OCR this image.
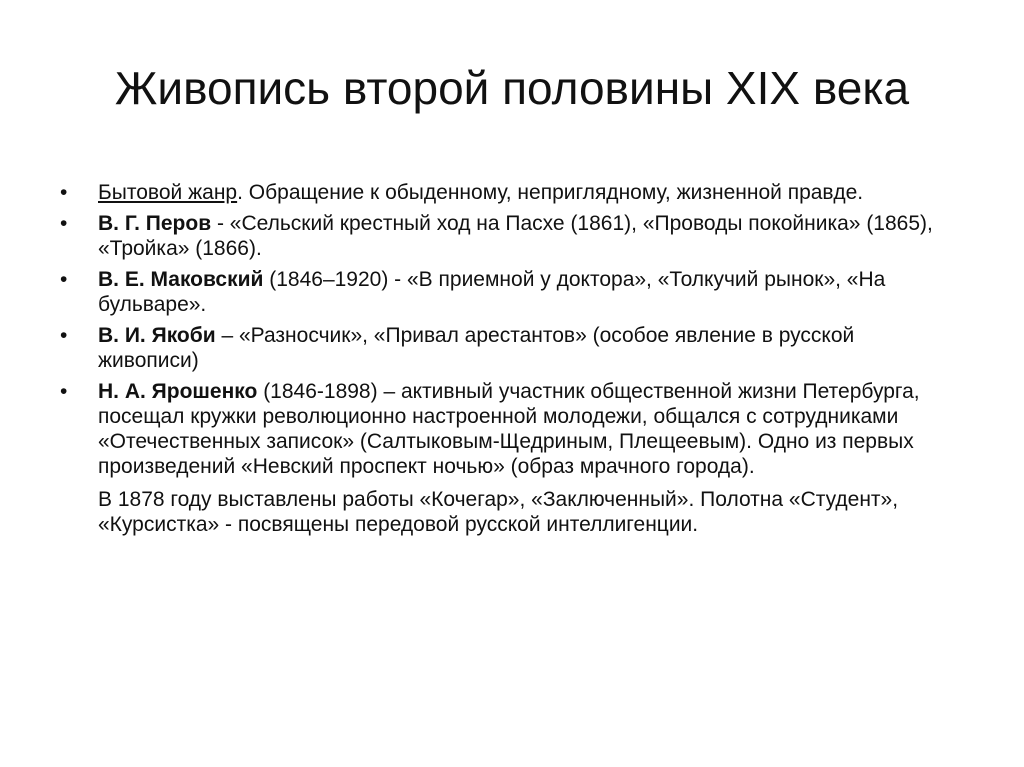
Живопись второй половины XIX века
•	Бытовой жанр. Обращение к обыденному, неприглядному, жизненной правде.
•	В. Г. Перов - «Сельский крестный ход на Пасхе (1861), «Проводы покойника» (1865), «Тройка» (1866).
•	В. Е. Маковский (1846–1920) - «В приемной у доктора», «Толкучий рынок», «На бульваре».
•	В. И. Якоби – «Разносчик», «Привал арестантов» (особое явление в русской живописи)
•	Н. А. Ярошенко (1846-1898) – активный участник общественной жизни Петербурга, посещал кружки революционно настроенной молодежи, общался с сотрудниками «Отечественных записок» (Салтыковым-Щедриным, Плещеевым). Одно из первых произведений «Невский проспект ночью» (образ мрачного города).
В 1878 году выставлены работы «Кочегар», «Заключенный». Полотна «Студент», «Курсистка» - посвящены передовой русской интеллигенции.
